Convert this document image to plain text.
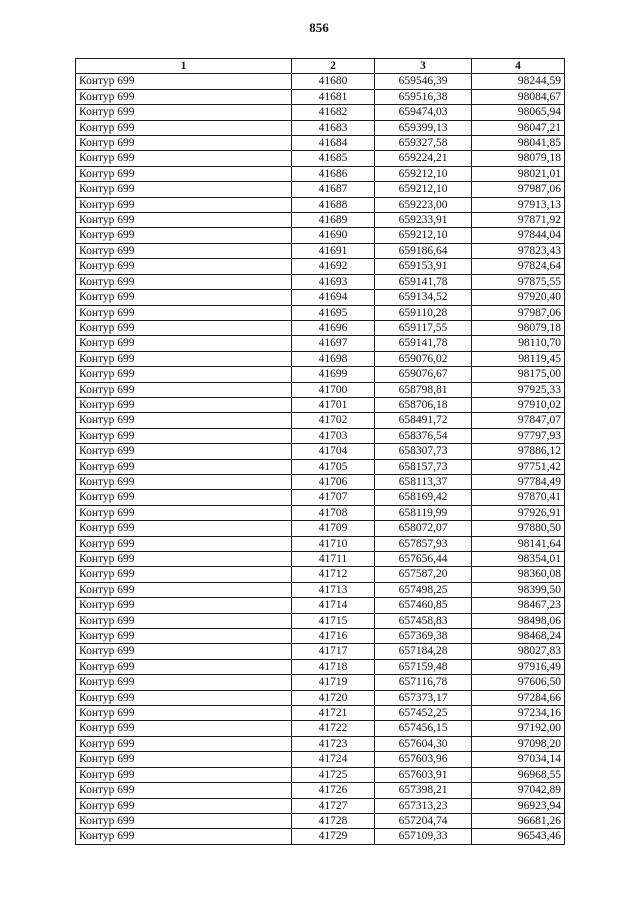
856
1	2	3	4
Контур 699	41680	659546,39	98244,59
Контур 699	41681	659516,38	98084,67
Контур 699	41682	659474,03	98065,94
Контур 699	41683	659399,13	98047,21
Контур 699	41684	659327,58	98041,85
Контур 699	41685	659224,21	98079,18
Контур 699	41686	659212,10	98021,01
Контур 699	41687	659212,10	97987,06
Контур 699	41688	659223,00	97913,13
Контур 699	41689	659233,91	97871,92
Контур 699	41690	659212,10	97844,04
Контур 699	41691	659186,64	97823,43
Контур 699	41692	659153,91	97824,64
Контур 699	41693	659141,78	97875,55
Контур 699	41694	659134,52	97920,40
Контур 699	41695	659110,28	97987,06
Контур 699	41696	659117,55	98079,18
Контур 699	41697	659141,78	98110,70
Контур 699	41698	659076,02	98119,45
Контур 699	41699	659076,67	98175,00
Контур 699	41700	658798,81	97925,33
Контур 699	41701	658706,18	97910,02
Контур 699	41702	658491,72	97847,07
Контур 699	41703	658376,54	97797,93
Контур 699	41704	658307,73	97886,12
Контур 699	41705	658157,73	97751,42
Контур 699	41706	658113,37	97784,49
Контур 699	41707	658169,42	97870,41
Контур 699	41708	658119,99	97926,91
Контур 699	41709	658072,07	97880,50
Контур 699	41710	657857,93	98141,64
Контур 699	41711	657656,44	98354,01
Контур 699	41712	657587,20	98360,08
Контур 699	41713	657498,25	98399,50
Контур 699	41714	657460,85	98467,23
Контур 699	41715	657458,83	98498,06
Контур 699	41716	657369,38	98468,24
Контур 699	41717	657184,28	98027,83
Контур 699	41718	657159,48	97916,49
Контур 699	41719	657116,78	97606,50
Контур 699	41720	657373,17	97284,66
Контур 699	41721	657452,25	97234,16
Контур 699	41722	657456,15	97192,00
Контур 699	41723	657604,30	97098,20
Контур 699	41724	657603,96	97034,14
Контур 699	41725	657603,91	96968,55
Контур 699	41726	657398,21	97042,89
Контур 699	41727	657313,23	96923,94
Контур 699	41728	657204,74	96681,26
Контур 699	41729	657109,33	96543,46
